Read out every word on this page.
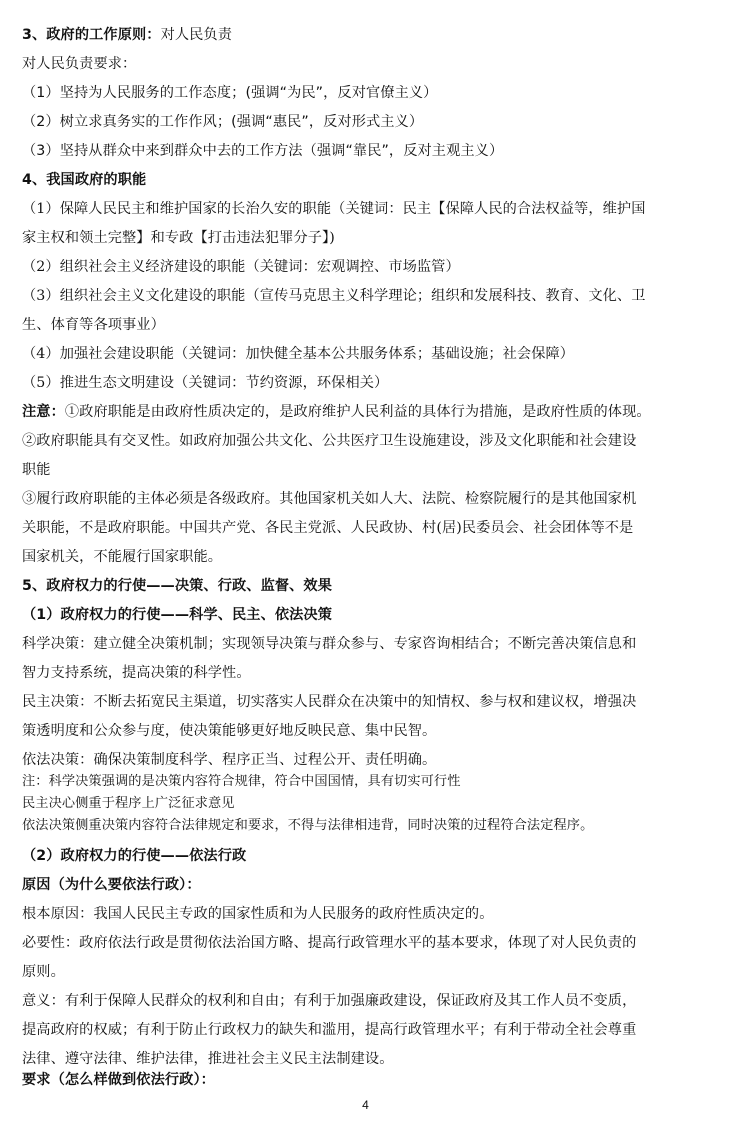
3、政府的工作原则：对人民负责
对人民负责要求：
（1）坚持为人民服务的工作态度；(强调“为民”，反对官僚主义）
（2）树立求真务实的工作作风；(强调“惠民”，反对形式主义）
（3）坚持从群众中来到群众中去的工作方法（强调“靠民”，反对主观主义）
4、我国政府的职能
（1）保障人民民主和维护国家的长治久安的职能（关键词：民主【保障人民的合法权益等，维护国
家主权和领土完整】和专政【打击违法犯罪分子】)
（2）组织社会主义经济建设的职能（关键词：宏观调控、市场监管）
（3）组织社会主义文化建设的职能（宣传马克思主义科学理论；组织和发展科技、教育、文化、卫
生、体育等各项事业）
（4）加强社会建设职能（关键词：加快健全基本公共服务体系；基础设施；社会保障）
（5）推进生态文明建设（关键词：节约资源，环保相关）
注意：①政府职能是由政府性质决定的，是政府维护人民利益的具体行为措施，是政府性质的体现。
②政府职能具有交叉性。如政府加强公共文化、公共医疗卫生设施建设，涉及文化职能和社会建设
职能
③履行政府职能的主体必须是各级政府。其他国家机关如人大、法院、检察院履行的是其他国家机
关职能，不是政府职能。中国共产党、各民主党派、人民政协、村(居)民委员会、社会团体等不是
国家机关，不能履行国家职能。
5、政府权力的行使——决策、行政、监督、效果
（1）政府权力的行使——科学、民主、依法决策
科学决策：建立健全决策机制；实现领导决策与群众参与、专家咨询相结合；不断完善决策信息和
智力支持系统，提高决策的科学性。
民主决策：不断去拓宽民主渠道，切实落实人民群众在决策中的知情权、参与权和建议权，增强决
策透明度和公众参与度，使决策能够更好地反映民意、集中民智。
依法决策：确保决策制度科学、程序正当、过程公开、责任明确。
注：科学决策强调的是决策内容符合规律，符合中国国情，具有切实可行性
民主决心侧重于程序上广泛征求意见
依法决策侧重决策内容符合法律规定和要求，不得与法律相违背，同时决策的过程符合法定程序。
（2）政府权力的行使——依法行政
原因（为什么要依法行政）：
根本原因：我国人民民主专政的国家性质和为人民服务的政府性质决定的。
必要性：政府依法行政是贯彻依法治国方略、提高行政管理水平的基本要求，体现了对人民负责的
原则。
意义：有利于保障人民群众的权利和自由；有利于加强廉政建设，保证政府及其工作人员不变质，
提高政府的权威；有利于防止行政权力的缺失和滥用，提高行政管理水平；有利于带动全社会尊重
法律、遵守法律、维护法律，推进社会主义民主法制建设。
要求（怎么样做到依法行政）：
4
